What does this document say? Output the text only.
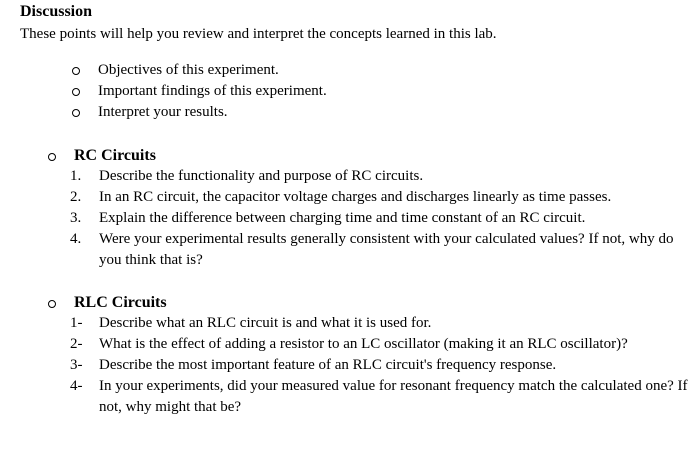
Discussion
These points will help you review and interpret the concepts learned in this lab.
Objectives of this experiment.
Important findings of this experiment.
Interpret your results.
RC Circuits
1. Describe the functionality and purpose of RC circuits.
2. In an RC circuit, the capacitor voltage charges and discharges linearly as time passes.
3. Explain the difference between charging time and time constant of an RC circuit.
4. Were your experimental results generally consistent with your calculated values? If not, why do you think that is?
RLC Circuits
1- Describe what an RLC circuit is and what it is used for.
2- What is the effect of adding a resistor to an LC oscillator (making it an RLC oscillator)?
3- Describe the most important feature of an RLC circuit's frequency response.
4- In your experiments, did your measured value for resonant frequency match the calculated one? If not, why might that be?
